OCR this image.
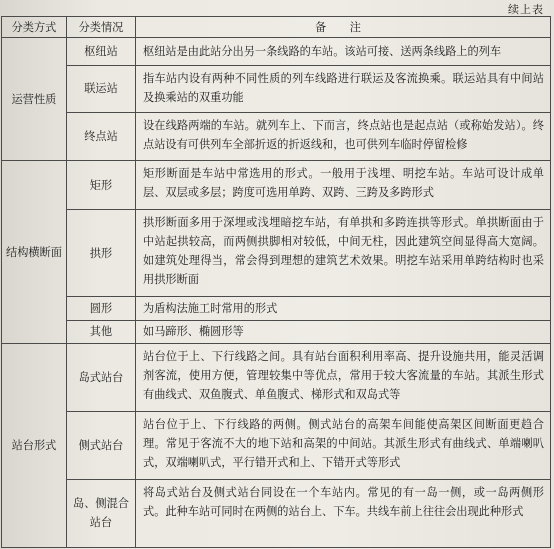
续上表
分类方式	分类情况	备 注
运营性质	枢纽站	枢纽站是由此站分出另一条线路的车站。该站可接、送两条线路上的列车
	联运站	指车站内设有两种不同性质的列车线路进行联运及客流换乘。联运站具有中间站及换乘站的双重功能
	终点站	设在线路两端的车站。就列车上、下而言，终点站也是起点站（或称始发站）。终点站设有可供列车全部折返的折返线和，也可供列车临时停留检修
结构横断面	矩形	矩形断面是车站中常选用的形式。一般用于浅埋、明挖车站。车站可设计成单层、双层或多层；跨度可选用单跨、双跨、三跨及多跨形式
	拱形	拱形断面多用于深埋或浅埋暗挖车站，有单拱和多跨连拱等形式。单拱断面由于中站起拱较高，而两侧拱脚相对较低，中间无柱，因此建筑空间显得高大宽阔。如建筑处理得当，常会得到理想的建筑艺术效果。明挖车站采用单跨结构时也采用拱形断面
	圆形	为盾构法施工时常用的形式
	其他	如马蹄形、椭圆形等
站台形式	岛式站台	站台位于上、下行线路之间。具有站台面积利用率高、提升设施共用，能灵活调剂客流，使用方便，管理较集中等优点，常用于较大客流量的车站。其派生形式有曲线式、双鱼腹式、单鱼腹式、梯形式和双岛式等
	侧式站台	站台位于上、下行线路的两侧。侧式站台的高架车间能使高架区间断面更趋合理。常见于客流不大的地下站和高架的中间站。其派生形式有曲线式、单端喇叭式，双端喇叭式，平行错开式和上、下错开式等形式
	岛、侧混合站台	将岛式站台及侧式站台同设在一个车站内。常见的有一岛一侧，或一岛两侧形式。此种车站可同时在两侧的站台上、下车。共线车前上往往会出现此种形式
